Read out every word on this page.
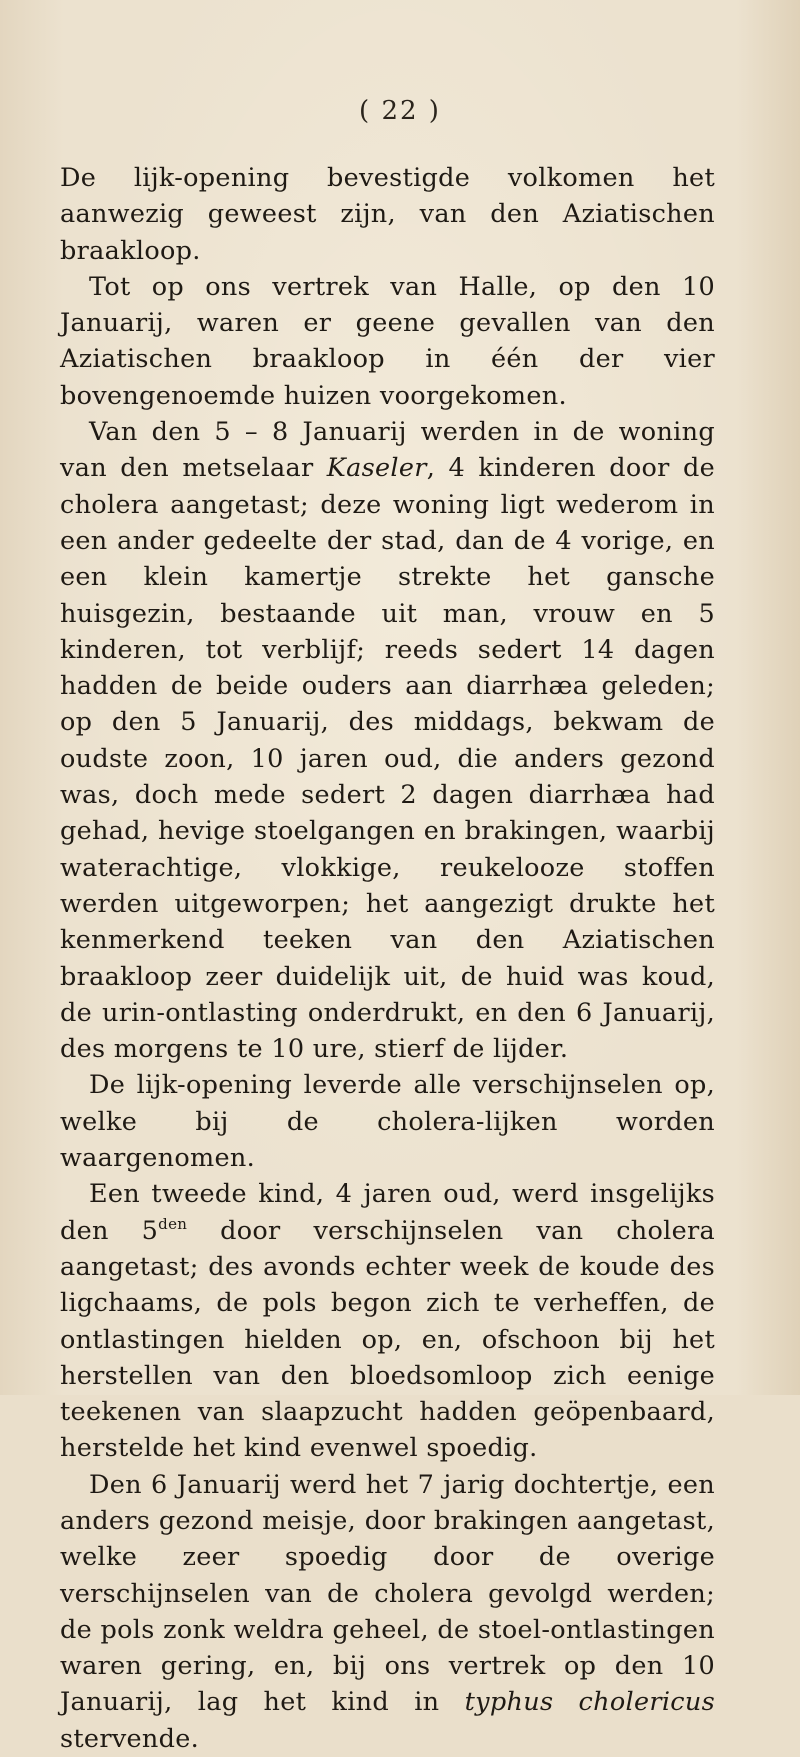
( 22 )

De lijk-opening bevestigde volkomen het aanwezig geweest zijn, van den Aziatischen braakloop.

Tot op ons vertrek van Halle, op den 10 Januarij, waren er geene gevallen van den Aziatischen braakloop in één der vier bovengenoemde huizen voorgekomen.

Van den 5 – 8 Januarij werden in de woning van den metselaar Kaseler, 4 kinderen door de cholera aangetast; deze woning ligt wederom in een ander gedeelte der stad, dan de 4 vorige, en een klein kamertje strekte het gansche huisgezin, bestaande uit man, vrouw en 5 kinderen, tot verblijf; reeds sedert 14 dagen hadden de beide ouders aan diarrhæa geleden; op den 5 Januarij, des middags, bekwam de oudste zoon, 10 jaren oud, die anders gezond was, doch mede sedert 2 dagen diarrhæa had gehad, hevige stoelgangen en brakingen, waarbij waterachtige, vlokkige, reukelooze stoffen werden uitgeworpen; het aangezigt drukte het kenmerkend teeken van den Aziatischen braakloop zeer duidelijk uit, de huid was koud, de urin-ontlasting onderdrukt, en den 6 Januarij, des morgens te 10 ure, stierf de lijder.

De lijk-opening leverde alle verschijnselen op, welke bij de cholera-lijken worden waargenomen.

Een tweede kind, 4 jaren oud, werd insgelijks den $5^{den}$ door verschijnselen van cholera aangetast; des avonds echter week de koude des ligchaams, de pols begon zich te verheffen, de ontlastingen hielden op, en, ofschoon bij het herstellen van den bloedsomloop zich eenige teekenen van slaapzucht hadden geöpenbaard, herstelde het kind evenwel spoedig.

Den 6 Januarij werd het 7 jarig dochtertje, een anders gezond meisje, door brakingen aangetast, welke zeer spoedig door de overige verschijnselen van de cholera gevolgd werden; de pols zonk weldra geheel, de stoel-ontlastingen waren gering, en, bij ons vertrek op den 10 Januarij, lag het kind in typhus cholericus stervende.
